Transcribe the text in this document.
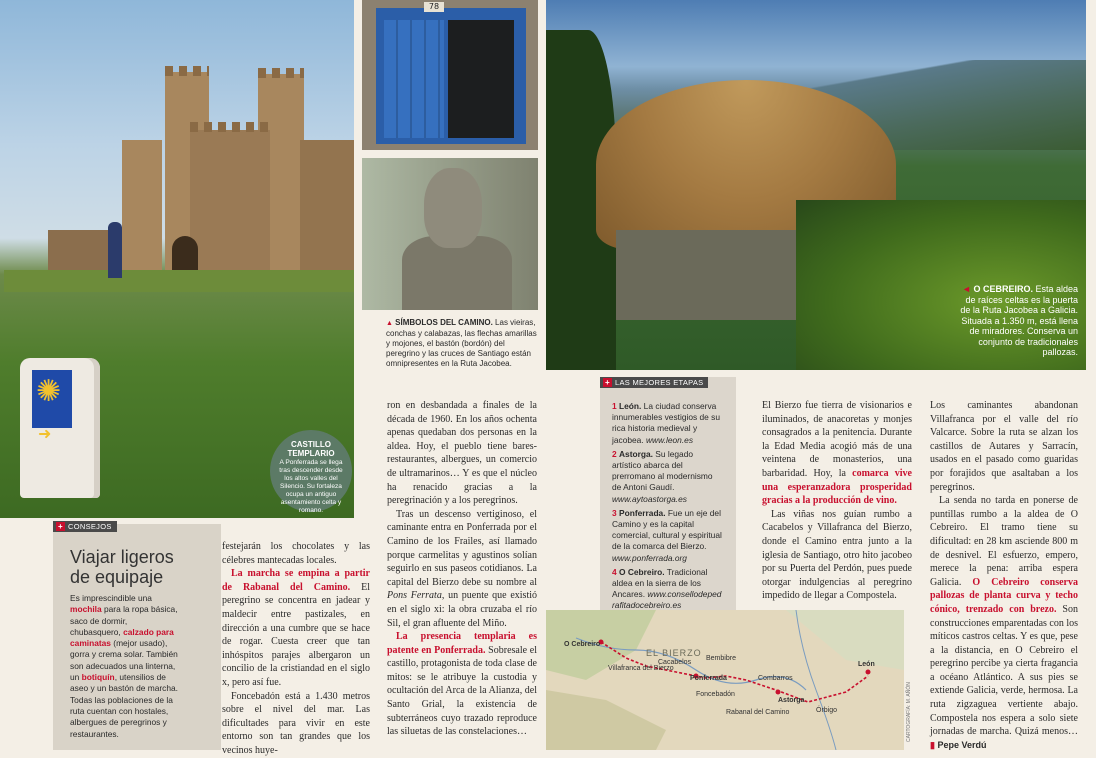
✺
➜
CASTILLO TEMPLARIO
A Ponferrada se llega tras descender desde los altos valles del Silencio. Su fortaleza ocupa un antiguo asentamiento celta y romano.
78
▲ SÍMBOLOS DEL CAMINO. Las vieiras, conchas y calabazas, las flechas amarillas y mojones, el bastón (bordón) del peregrino y las cruces de Santiago están omnipresentes en la Ruta Jacobea.
◄ O CEBREIRO. Esta aldea de raíces celtas es la puerta de la Ruta Jacobea a Galicia. Situada a 1.350 m, está llena de miradores. Conserva un conjunto de tradicionales pallozas.
+ CONSEJOS
Viajar ligeros
de equipaje
Es imprescindible una mochila para la ropa básica, saco de dormir, chubasquero, calzado para caminatas (mejor usado), gorra y crema solar. También son adecuados una linterna, un botiquín, utensilios de aseo y un bastón de marcha. Todas las poblaciones de la ruta cuentan con hostales, albergues de peregrinos y restaurantes.

festejarán los chocolates y las célebres mantecadas locales.

La marcha se empina a partir de Rabanal del Camino. El peregrino se concentra en jadear y maldecir entre pastizales, en dirección a una cumbre que se hace de rogar. Cuesta creer que tan inhóspitos parajes albergaron un concilio de la cristiandad en el siglo x, pero así fue.

Foncebadón está a 1.430 metros sobre el nivel del mar. Las dificultades para vivir en este entorno son tan grandes que los vecinos huye-

ron en desbandada a finales de la década de 1960. En los años ochenta apenas quedaban dos personas en la aldea. Hoy, el pueblo tiene bares-restaurantes, albergues, un comercio de ultramarinos… Y es que el núcleo ha renacido gracias a la peregrinación y a los peregrinos.

Tras un descenso vertiginoso, el caminante entra en Ponferrada por el Camino de los Frailes, así llamado porque carmelitas y agustinos solían seguirlo en sus paseos cotidianos. La capital del Bierzo debe su nombre al Pons Ferrata, un puente que existió en el siglo xi: la obra cruzaba el río Sil, el gran afluente del Miño.

La presencia templaria es patente en Ponferrada. Sobresale el castillo, protagonista de toda clase de mitos: se le atribuye la custodia y ocultación del Arca de la Alianza, del Santo Grial, la existencia de subterráneos cuyo trazado reproduce las siluetas de las constelaciones…

+ LAS MEJORES ETAPAS

1 León. La ciudad conserva innumerables vestigios de su rica historia medieval y jacobea. www.leon.es

2 Astorga. Su legado artístico abarca del prerromano al modernismo de Antoni Gaudí. www.aytoastorga.es

3 Ponferrada. Fue un eje del Camino y es la capital comercial, cultural y espiritual de la comarca del Bierzo. www.ponferrada.org

4 O Cebreiro. Tradicional aldea en la sierra de los Ancares. www.consellodepedrafitadocebreiro.es

El Bierzo fue tierra de visionarios e iluminados, de anacoretas y monjes consagrados a la penitencia. Durante la Edad Media acogió más de una veintena de monasterios, una barbaridad. Hoy, la comarca vive una esperanzadora prosperidad gracias a la producción de vino.

Las viñas nos guían rumbo a Cacabelos y Villafranca del Bierzo, donde el Camino entra junto a la iglesia de Santiago, otro hito jacobeo por su Puerta del Perdón, pues puede otorgar indulgencias al peregrino impedido de llegar a Compostela.

Los caminantes abandonan Villafranca por el valle del río Valcarce. Sobre la ruta se alzan los castillos de Autares y Sarracín, usados en el pasado como guaridas por forajidos que asaltaban a los peregrinos.

La senda no tarda en ponerse de puntillas rumbo a la aldea de O Cebreiro. El tramo tiene su dificultad: en 28 km asciende 800 m de desnivel. El esfuerzo, empero, merece la pena: arriba espera Galicia. O Cebreiro conserva pallozas de planta curva y techo cónico, trenzado con brezo. Son construcciones emparentadas con los míticos castros celtas. Y es que, pese a la distancia, en O Cebreiro el peregrino percibe ya cierta fragancia a océano Atlántico. A sus pies se extiende Galicia, verde, hermosa. La ruta zigzaguea vertiente abajo. Compostela nos espera a solo siete jornadas de marcha. Quizá menos… ▮ Pepe Verdú

EL BIERZO
O Cebreiro
Villafranca del Bierzo
Cacabelos
Bembibre
Ponferrada
Foncebadón
Combarros
Astorga
Rabanal del Camino	Órbigo
León
CARTOGRAFÍA: M. AÑÓN
